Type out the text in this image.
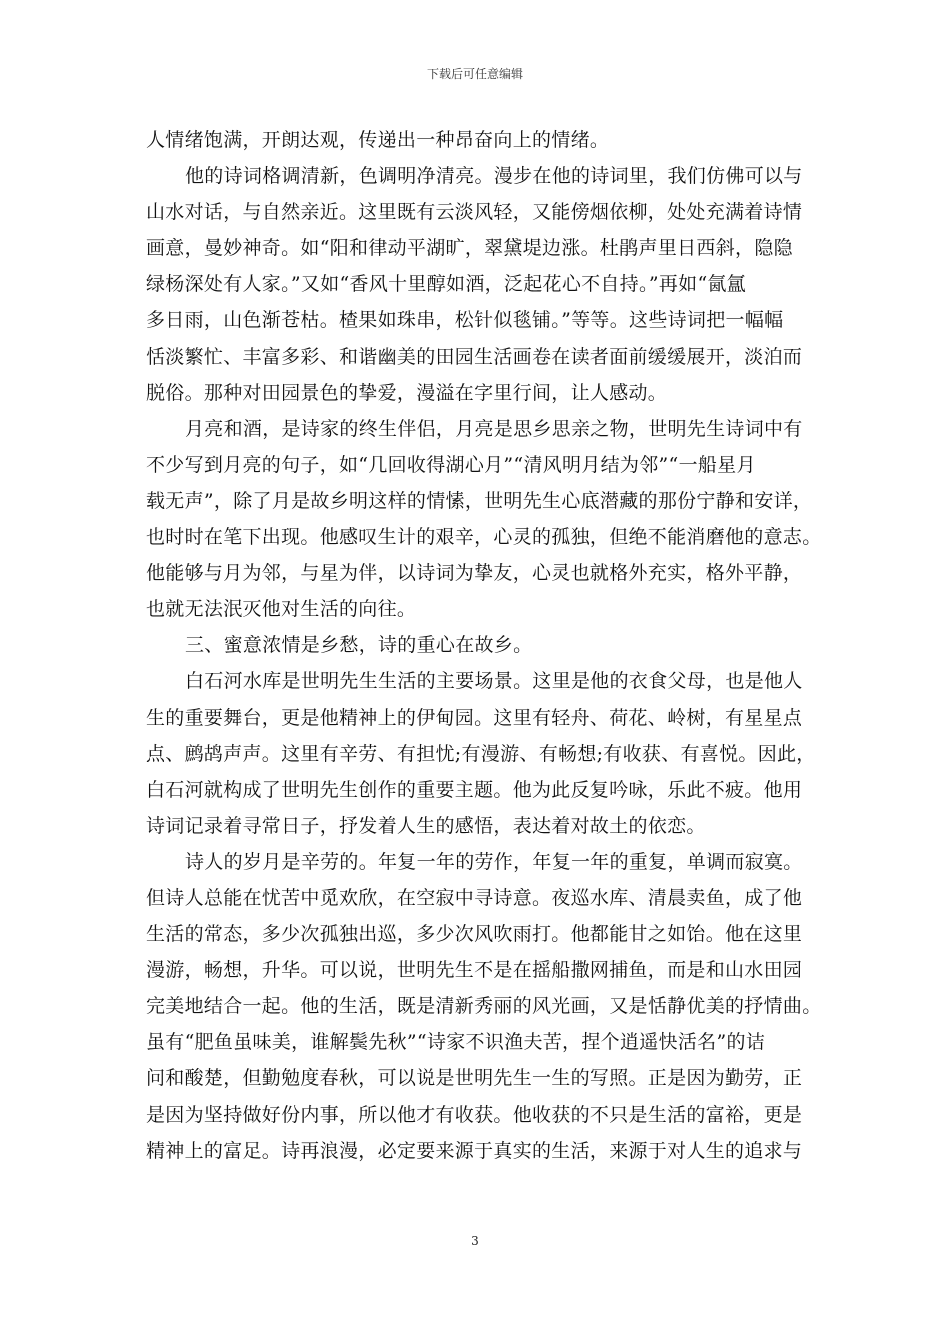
下载后可任意编辑
人情绪饱满，开朗达观，传递出一种昂奋向上的情绪。
他的诗词格调清新，色调明净清亮。漫步在他的诗词里，我们仿佛可以与
山水对话，与自然亲近。这里既有云淡风轻，又能傍烟依柳，处处充满着诗情
画意，曼妙神奇。如“阳和律动平湖旷，翠黛堤边涨。杜鹃声里日西斜，隐隐
绿杨深处有人家。”又如“香风十里醇如酒，泛起花心不自持。”再如“氤氲
多日雨，山色渐苍枯。楂果如珠串，松针似毯铺。”等等。这些诗词把一幅幅
恬淡繁忙、丰富多彩、和谐幽美的田园生活画卷在读者面前缓缓展开，淡泊而
脱俗。那种对田园景色的挚爱，漫溢在字里行间，让人感动。
月亮和酒，是诗家的终生伴侣，月亮是思乡思亲之物，世明先生诗词中有
不少写到月亮的句子，如“几回收得湖心月”“清风明月结为邻”“一船星月
载无声”，除了月是故乡明这样的情愫，世明先生心底潜藏的那份宁静和安详，
也时时在笔下出现。他感叹生计的艰辛，心灵的孤独，但绝不能消磨他的意志。
他能够与月为邻，与星为伴，以诗词为挚友，心灵也就格外充实，格外平静，
也就无法泯灭他对生活的向往。
三、蜜意浓情是乡愁，诗的重心在故乡。
白石河水库是世明先生生活的主要场景。这里是他的衣食父母，也是他人
生的重要舞台，更是他精神上的伊甸园。这里有轻舟、荷花、岭树，有星星点
点、鹧鸪声声。这里有辛劳、有担忧;有漫游、有畅想;有收获、有喜悦。因此，
白石河就构成了世明先生创作的重要主题。他为此反复吟咏，乐此不疲。他用
诗词记录着寻常日子，抒发着人生的感悟，表达着对故土的依恋。
诗人的岁月是辛劳的。年复一年的劳作，年复一年的重复，单调而寂寞。
但诗人总能在忧苦中觅欢欣，在空寂中寻诗意。夜巡水库、清晨卖鱼，成了他
生活的常态，多少次孤独出巡，多少次风吹雨打。他都能甘之如饴。他在这里
漫游，畅想，升华。可以说，世明先生不是在摇船撒网捕鱼，而是和山水田园
完美地结合一起。他的生活，既是清新秀丽的风光画，又是恬静优美的抒情曲。
虽有“肥鱼虽味美，谁解鬓先秋”“诗家不识渔夫苦，捏个逍遥快活名”的诘
问和酸楚，但勤勉度春秋，可以说是世明先生一生的写照。正是因为勤劳，正
是因为坚持做好份内事，所以他才有收获。他收获的不只是生活的富裕，更是
精神上的富足。诗再浪漫，必定要来源于真实的生活，来源于对人生的追求与
3
